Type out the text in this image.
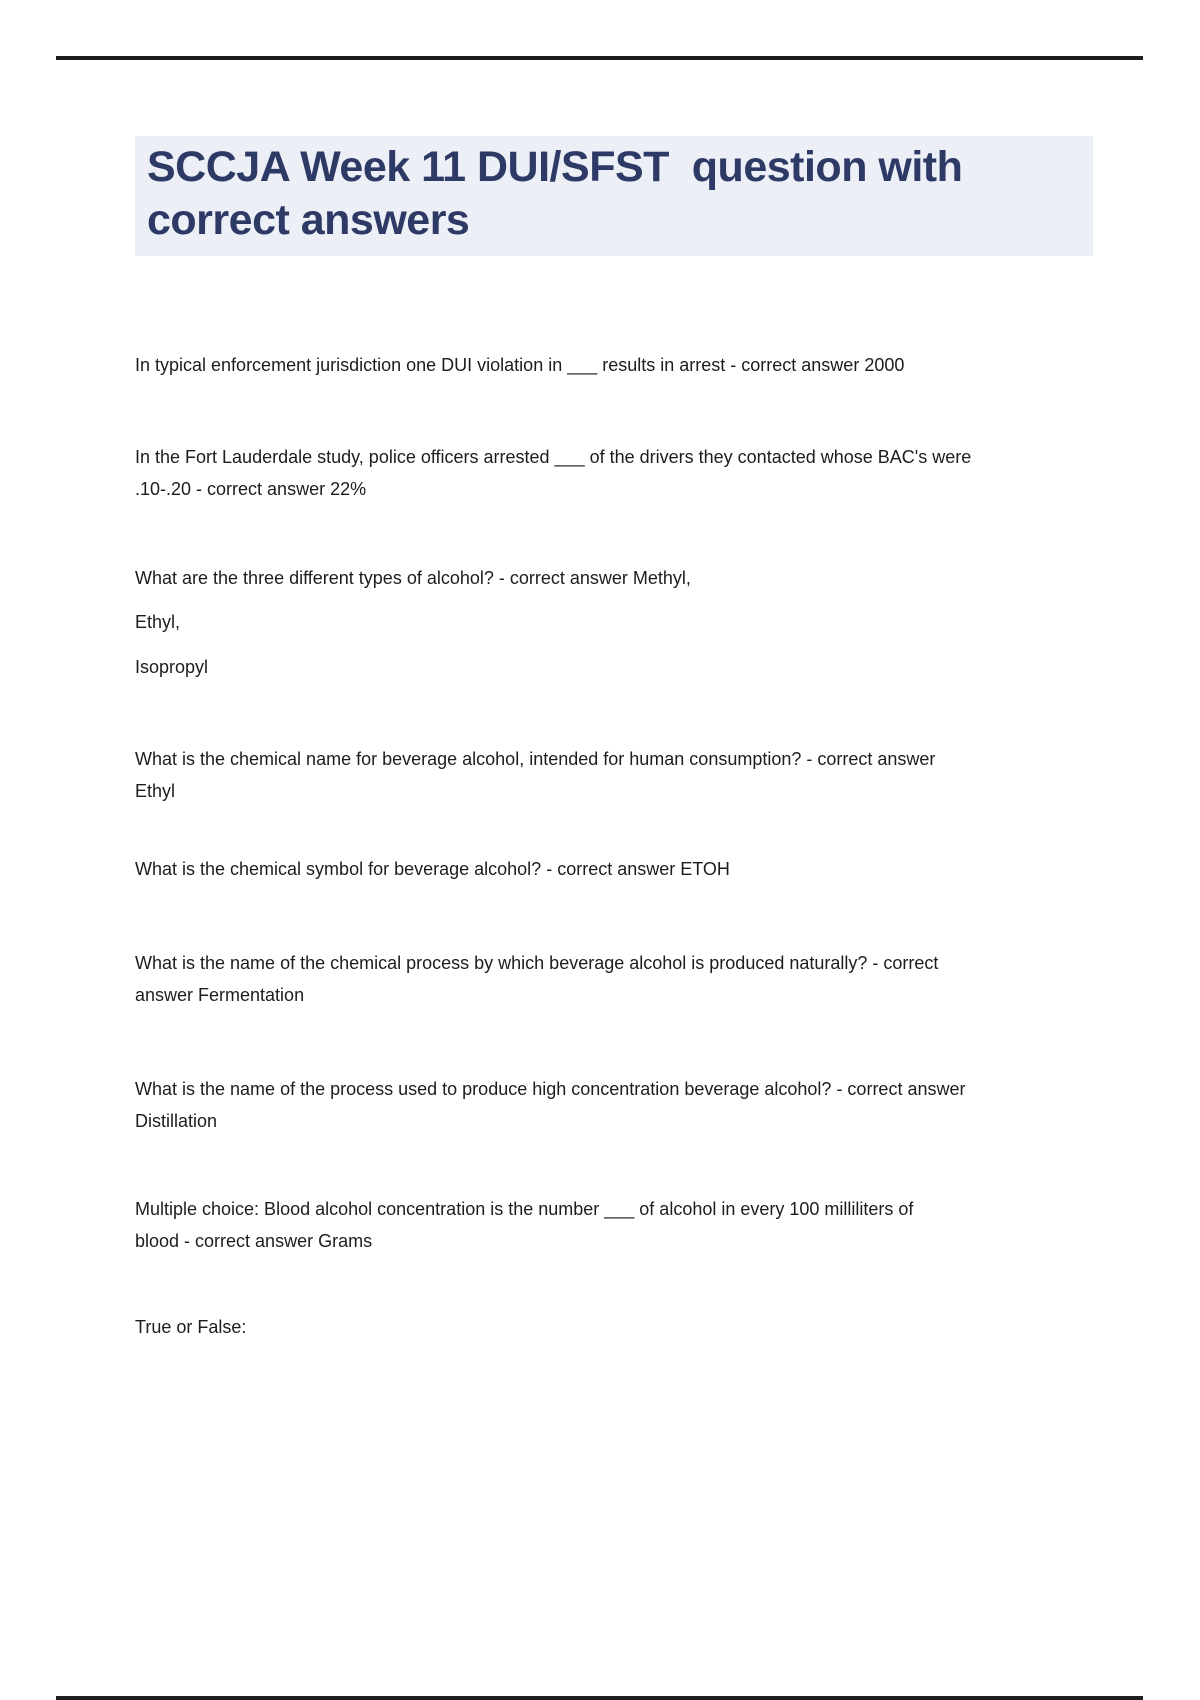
SCCJA Week 11 DUI/SFST  question with
correct answers
In typical enforcement jurisdiction one DUI violation in ___ results in arrest - correct answer 2000
In the Fort Lauderdale study, police officers arrested ___ of the drivers they contacted whose BAC's were
.10-.20 - correct answer 22%
What are the three different types of alcohol? - correct answer Methyl,
Ethyl,
Isopropyl
What is the chemical name for beverage alcohol, intended for human consumption? - correct answer
Ethyl
What is the chemical symbol for beverage alcohol? - correct answer ETOH
What is the name of the chemical process by which beverage alcohol is produced naturally? - correct
answer Fermentation
What is the name of the process used to produce high concentration beverage alcohol? - correct answer
Distillation
Multiple choice: Blood alcohol concentration is the number ___ of alcohol in every 100 milliliters of
blood - correct answer Grams
True or False:
